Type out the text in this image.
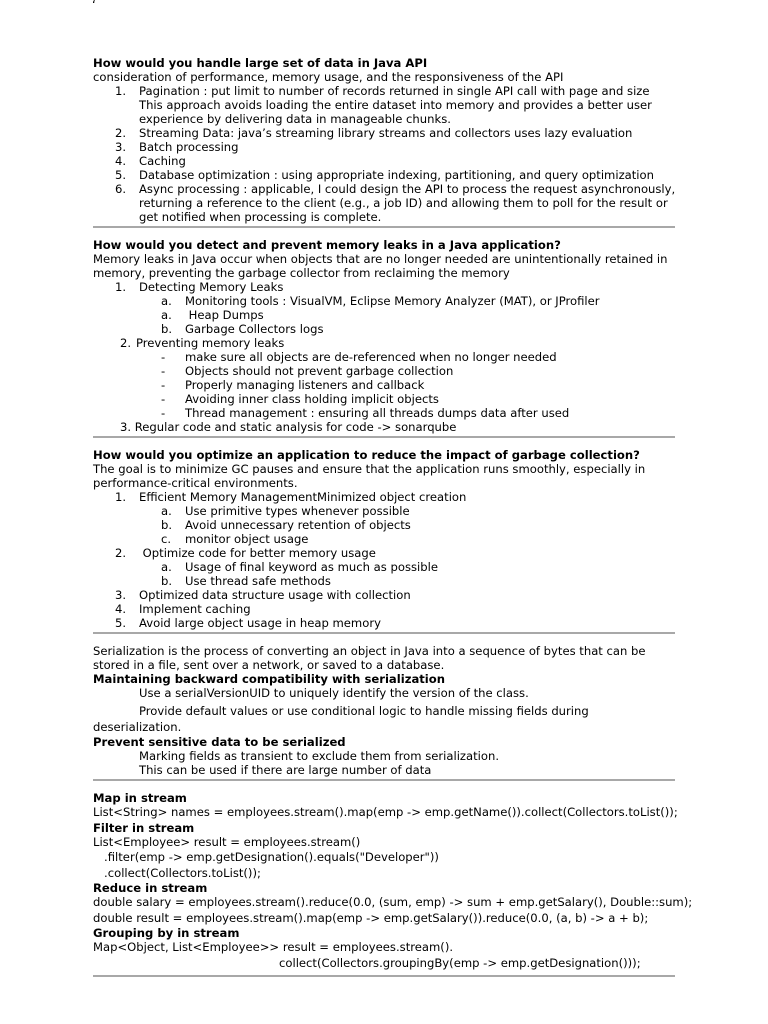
‘
How would you handle large set of data in Java API
consideration of performance, memory usage, and the responsiveness of the API
1.	Pagination : put limit to number of records returned in single API call with page and size
This approach avoids loading the entire dataset into memory and provides a better user
experience by delivering data in manageable chunks.
2.	Streaming Data: java’s streaming library streams and collectors uses lazy evaluation
3.	Batch processing
4.	Caching
5.	Database optimization : using appropriate indexing, partitioning, and query optimization
6.	Async processing : applicable, I could design the API to process the request asynchronously,
returning a reference to the client (e.g., a job ID) and allowing them to poll for the result or
get notified when processing is complete.
How would you detect and prevent memory leaks in a Java application?
Memory leaks in Java occur when objects that are no longer needed are unintentionally retained in
memory, preventing the garbage collector from reclaiming the memory
1.	Detecting Memory Leaks
a.	Monitoring tools : VisualVM, Eclipse Memory Analyzer (MAT), or JProfiler
a.	Heap Dumps
b.	Garbage Collectors logs
2. Preventing memory leaks
-	make sure all objects are de-referenced when no longer needed
-	Objects should not prevent garbage collection
-	Properly managing listeners and callback
-	Avoiding inner class holding implicit objects
-	Thread management : ensuring all threads dumps data after used
3. Regular code and static analysis for code -> sonarqube
How would you optimize an application to reduce the impact of garbage collection?
The goal is to minimize GC pauses and ensure that the application runs smoothly, especially in
performance-critical environments.
1.	Efficient Memory ManagementMinimized object creation
a.	Use primitive types whenever possible
b.	Avoid unnecessary retention of objects
c.	monitor object usage
2.	Optimize code for better memory usage
a.	Usage of final keyword as much as possible
b.	Use thread safe methods
3.	Optimized data structure usage with collection
4.	Implement caching
5.	Avoid large object usage in heap memory
Serialization is the process of converting an object in Java into a sequence of bytes that can be
stored in a file, sent over a network, or saved to a database.
Maintaining backward compatibility with serialization
Use a serialVersionUID to uniquely identify the version of the class.
Provide default values or use conditional logic to handle missing fields during
deserialization.
Prevent sensitive data to be serialized
Marking fields as transient to exclude them from serialization.
This can be used if there are large number of data
Map in stream
List<String> names = employees.stream().map(emp -> emp.getName()).collect(Collectors.toList());
Filter in stream
List<Employee> result = employees.stream()
.filter(emp -> emp.getDesignation().equals("Developer"))
.collect(Collectors.toList());
Reduce in stream
double salary = employees.stream().reduce(0.0, (sum, emp) -> sum + emp.getSalary(), Double::sum);
double result = employees.stream().map(emp -> emp.getSalary()).reduce(0.0, (a, b) -> a + b);
Grouping by in stream
Map<Object, List<Employee>> result = employees.stream().
collect(Collectors.groupingBy(emp -> emp.getDesignation()));
